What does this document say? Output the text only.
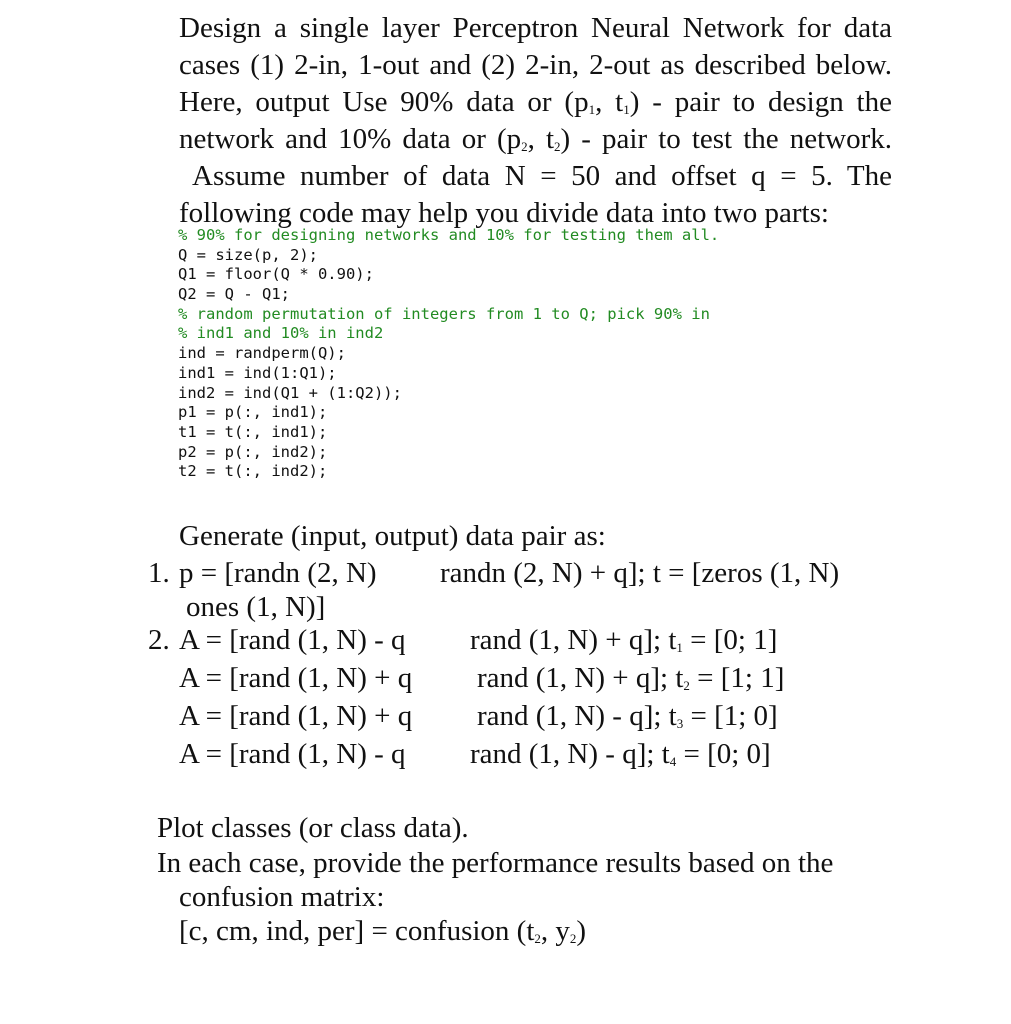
Design a single layer Perceptron Neural Network for data
cases (1) 2-in, 1-out and (2) 2-in, 2-out as described below.
Here, output Use 90% data or ($p_1$, $t_1$) - pair to design the
network and 10% data or ($p_2$, $t_2$) - pair to test the network.
Assume number of data N = 50 and offset q = 5. The
following code may help you divide data into two parts:
% 90% for designing networks and 10% for testing them all.
Q = size(p, 2);
Q1 = floor(Q * 0.90);
Q2 = Q - Q1;
% random permutation of integers from 1 to Q; pick 90% in
% ind1 and 10% in ind2
ind = randperm(Q);
ind1 = ind(1:Q1);
ind2 = ind(Q1 + (1:Q2));
p1 = p(:, ind1);
t1 = t(:, ind1);
p2 = p(:, ind2);
t2 = t(:, ind2);
Generate (input, output) data pair as:
1. p = [randn (2, N) randn (2, N) + q]; t = [zeros (1, N)
ones (1, N)]
2. A = [rand (1, N) - q rand (1, N) + q]; $t_1 = [0$; 1]
A = [rand (1, N) + q rand (1, N) + q]; $t_2 = [1$; 1]
A = [rand (1, N) + q rand (1, N) - q]; $t_3 = [1$; 0]
A = [rand (1, N) - q rand (1, N) - q]; $t_4 = [0$; 0]
Plot classes (or class data).
In each case, provide the performance results based on the
confusion matrix:
[c, cm, ind, per] = confusion ($t_2$, $y_2$)
